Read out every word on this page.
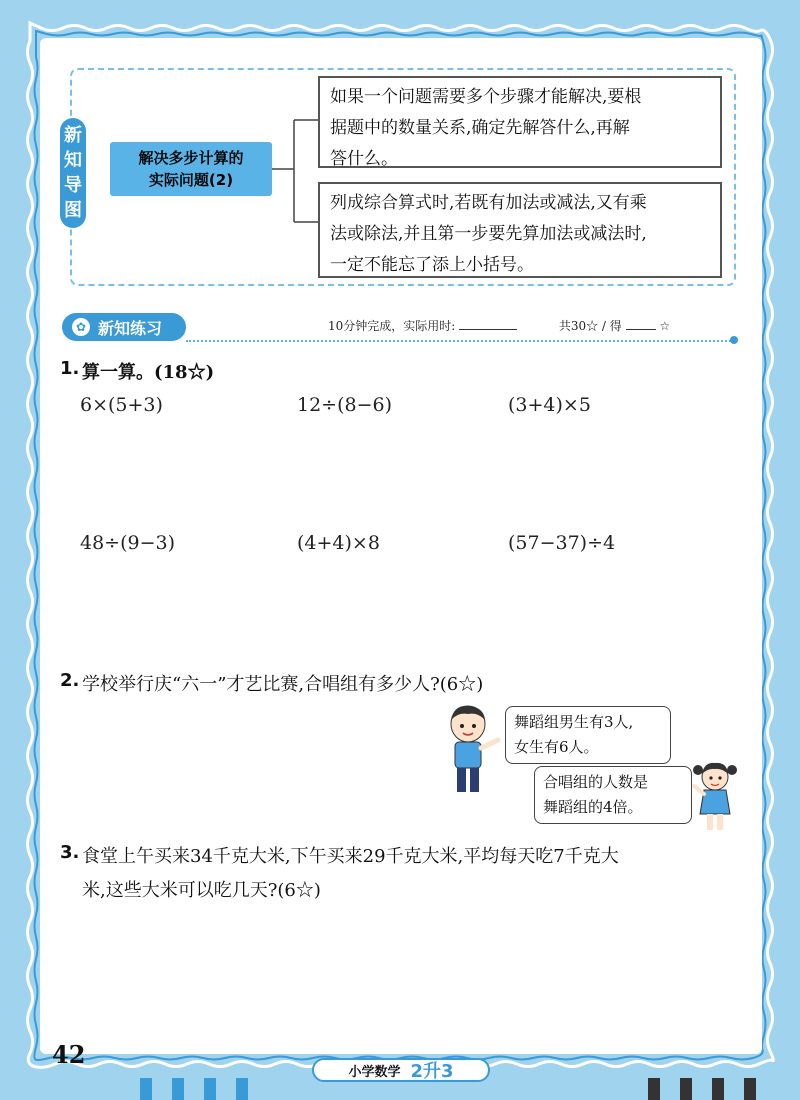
新
知
导
图
解决多步计算的
实际问题(2)
如果一个问题需要多个步骤才能解决,要根
据题中的数量关系,确定先解答什么,再解
答什么。
列成综合算式时,若既有加法或减法,又有乘
法或除法,并且第一步要先算加法或减法时,
一定不能忘了添上小括号。
✿ 新知练习	10分钟完成，实际用时:	共30☆ / 得	☆
1. 算一算。(18☆)
6×(5+3)	12÷(8−6)	(3+4)×5
48÷(9−3)	(4+4)×8	(57−37)÷4
2. 学校举行庆“六一”才艺比赛,合唱组有多少人?(6☆)
舞蹈组男生有3人,
女生有6人。
合唱组的人数是
舞蹈组的4倍。
3. 食堂上午买来34千克大米,下午买来29千克大米,平均每天吃7千克大
米,这些大米可以吃几天?(6☆)
42
小学数学 2升3
